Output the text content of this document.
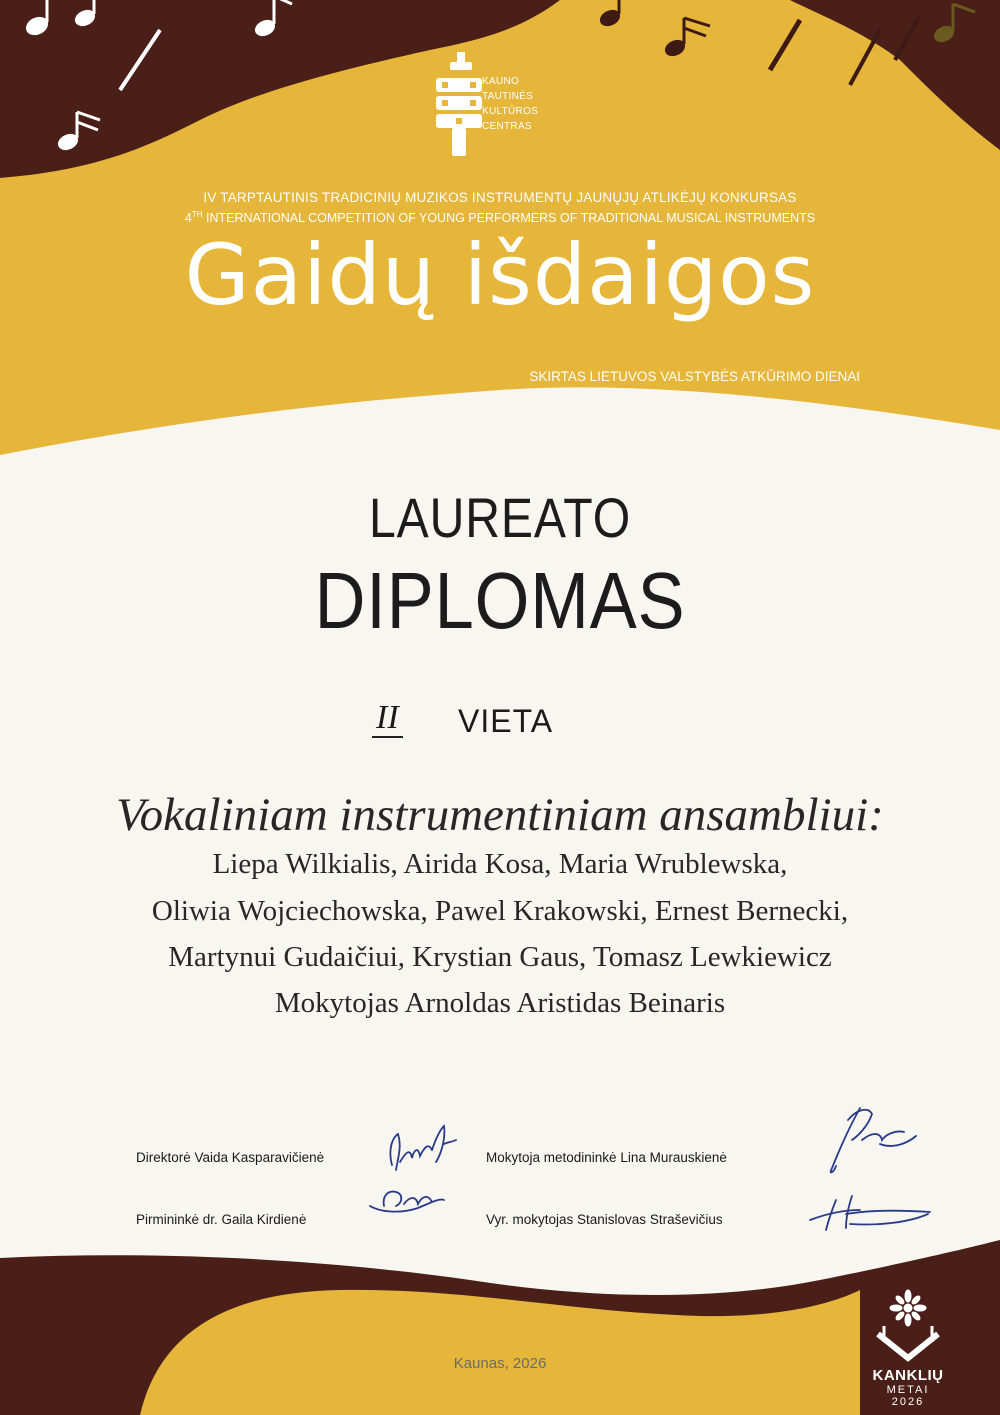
KAUNO
TAUTINĖS
KULTŪROS
CENTRAS
IV TARPTAUTINIS TRADICINIŲ MUZIKOS INSTRUMENTŲ JAUNŲJŲ ATLIKĖJŲ KONKURSAS
4TH INTERNATIONAL COMPETITION OF YOUNG PERFORMERS OF TRADITIONAL MUSICAL INSTRUMENTS
Gaidų išdaigos
SKIRTAS LIETUVOS VALSTYBĖS ATKŪRIMO DIENAI
LAUREATO
DIPLOMAS
II VIETA
Vokaliniam instrumentiniam ansambliui:
Liepa Wilkialis, Airida Kosa, Maria Wrublewska,
Oliwia Wojciechowska, Pawel Krakowski, Ernest Bernecki,
Martynui Gudaičiui, Krystian Gaus, Tomasz Lewkiewicz
Mokytojas Arnoldas Aristidas Beinaris
Direktorė Vaida Kasparavičienė	Mokytoja metodininkė Lina Murauskienė
Pirmininkė dr. Gaila Kirdienė	Vyr. mokytojas Stanislovas Straševičius
Kaunas, 2026
KANKLIŲ
METAI
2026
